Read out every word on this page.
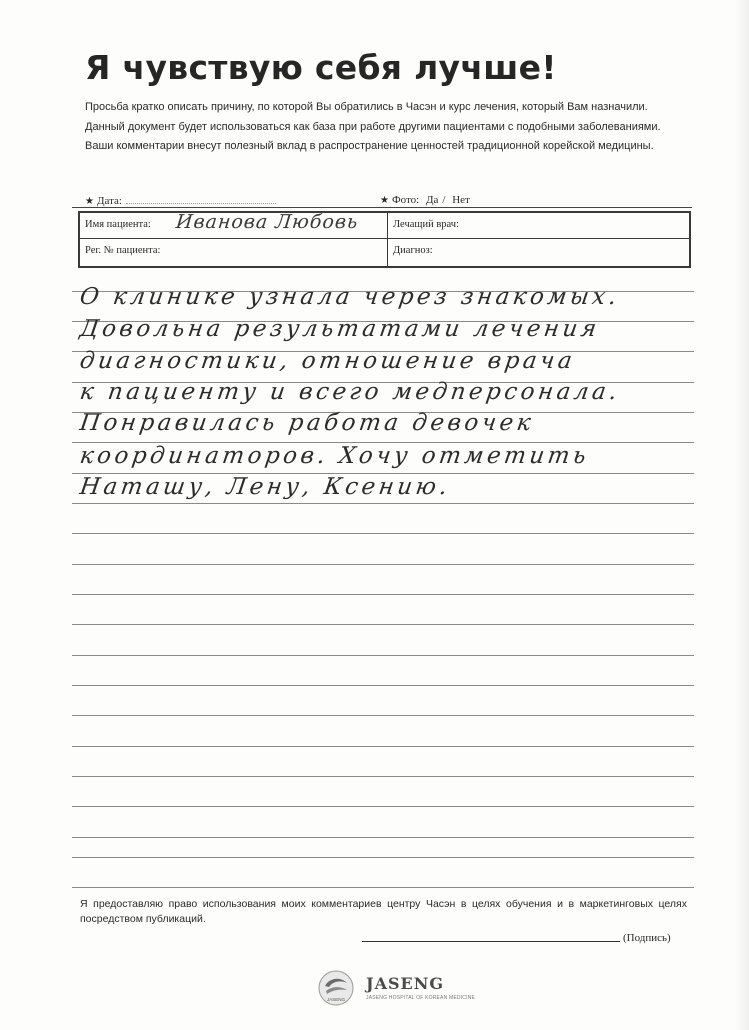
Я чувствую себя лучше!
Просьба кратко описать причину, по которой Вы обратились в Часэн и курс лечения, который Вам назначили.
Данный документ будет использоваться как база при работе другими пациентами с подобными заболеваниями.
Ваши комментарии внесут полезный вклад в распространение ценностей традиционной корейской медицины.
★ Дата:	★ Фото: Да / Нет
Имя пациента: Иванова Любовь	Лечащий врач:
Рег. № пациента:	Диагноз:
О клинике узнала через знакомых.
Довольна результатами лечения
диагностики, отношение врача
к пациенту и всего медперсонала.
Понравилась работа девочек
координаторов. Хочу отметить
Наташу, Лену, Ксению.
Я предоставляю право использования моих комментариев центру Часэн в целях обучения и в маркетинговых целях посредством публикаций.
(Подпись)
JASENG
JASENG
JASENG HOSPITAL OF KOREAN MEDICINE
